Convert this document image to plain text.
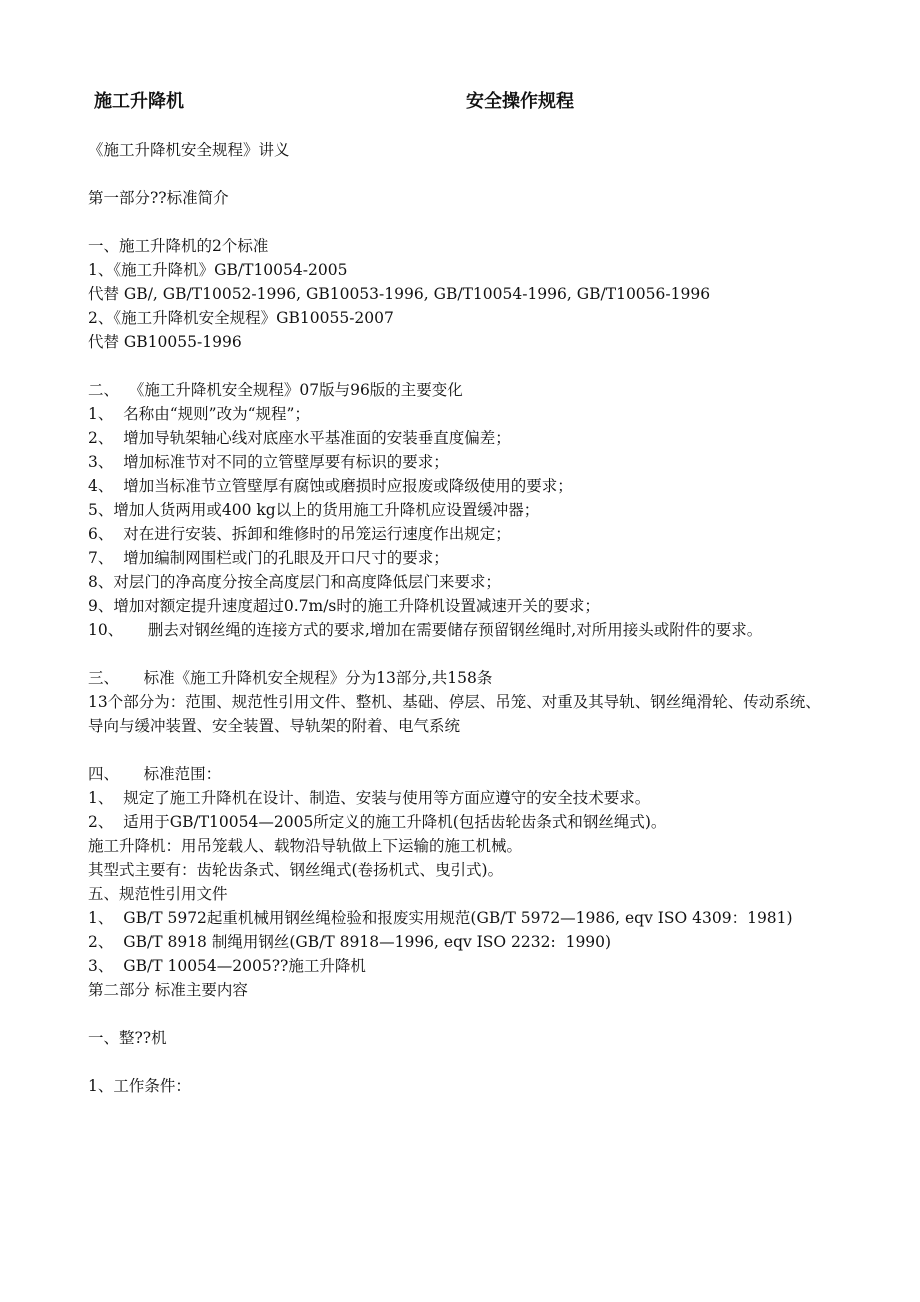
施工升降机	安全操作规程
《施工升降机安全规程》讲义
第一部分??标准简介
一、施工升降机的2个标准
1、《施工升降机》GB/T10054-2005
代替 GB/, GB/T10052-1996, GB10053-1996, GB/T10054-1996, GB/T10056-1996
2、《施工升降机安全规程》GB10055-2007
代替 GB10055-1996
二、  《施工升降机安全规程》07版与96版的主要变化
1、  名称由“规则”改为“规程”；
2、  增加导轨架轴心线对底座水平基准面的安装垂直度偏差；
3、  增加标准节对不同的立管壁厚要有标识的要求；
4、  增加当标准节立管壁厚有腐蚀或磨损时应报废或降级使用的要求；
5、增加人货两用或400 kg以上的货用施工升降机应设置缓冲器；
6、  对在进行安装、拆卸和维修时的吊笼运行速度作出规定；
7、  增加编制网围栏或门的孔眼及开口尺寸的要求；
8、对层门的净高度分按全高度层门和高度降低层门来要求；
9、增加对额定提升速度超过0.7m/s时的施工升降机设置减速开关的要求；
10、     删去对钢丝绳的连接方式的要求,增加在需要储存预留钢丝绳时,对所用接头或附件的要求。
三、     标准《施工升降机安全规程》分为13部分,共158条
13个部分为：范围、规范性引用文件、整机、基础、停层、吊笼、对重及其导轨、钢丝绳滑轮、传动系统、导向与缓冲装置、安全装置、导轨架的附着、电气系统
四、     标准范围：
1、  规定了施工升降机在设计、制造、安装与使用等方面应遵守的安全技术要求。
2、  适用于GB/T10054—2005所定义的施工升降机(包括齿轮齿条式和钢丝绳式)。
施工升降机：用吊笼载人、载物沿导轨做上下运输的施工机械。
其型式主要有：齿轮齿条式、钢丝绳式(卷扬机式、曳引式)。
五、规范性引用文件
1、  GB/T 5972起重机械用钢丝绳检验和报废实用规范(GB/T 5972—1986, eqv ISO 4309：1981)
2、  GB/T 8918 制绳用钢丝(GB/T 8918—1996, eqv ISO 2232:  1990)
3、  GB/T 10054—2005??施工升降机
第二部分 标准主要内容
一、整??机
1、工作条件：
